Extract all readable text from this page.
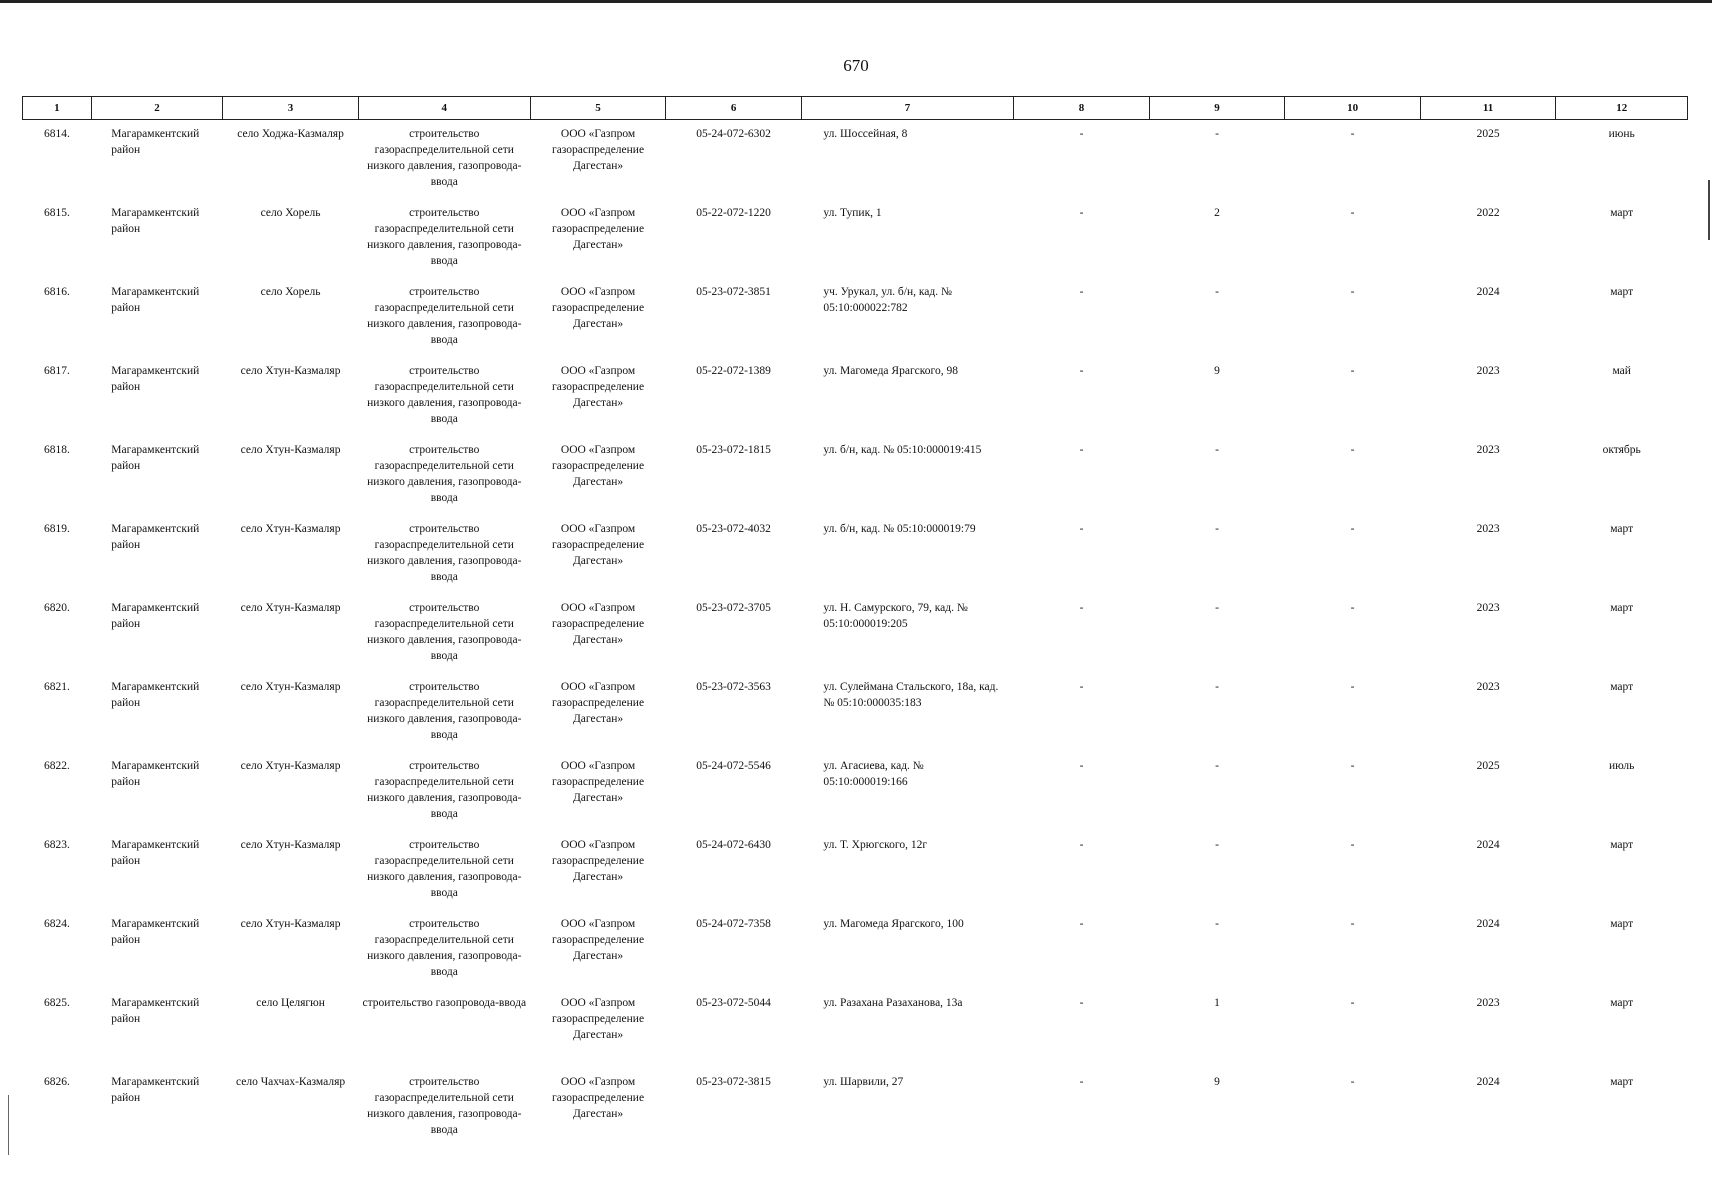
670
1	2	3	4	5	6	7	8	9	10	11	12
6814.	Магарамкентский район	село Ходжа-Казмаляр	строительство газораспределительной сети низкого давления, газопровода-ввода	ООО «Газпром газораспределение Дагестан»	05-24-072-6302	ул. Шоссейная, 8	-	-	-	2025	июнь
6815.	Магарамкентский район	село Хорель	строительство газораспределительной сети низкого давления, газопровода-ввода	ООО «Газпром газораспределение Дагестан»	05-22-072-1220	ул. Тупик, 1	-	2	-	2022	март
6816.	Магарамкентский район	село Хорель	строительство газораспределительной сети низкого давления, газопровода-ввода	ООО «Газпром газораспределение Дагестан»	05-23-072-3851	уч. Урукал, ул. б/н, кад. № 05:10:000022:782	-	-	-	2024	март
6817.	Магарамкентский район	село Хтун-Казмаляр	строительство газораспределительной сети низкого давления, газопровода-ввода	ООО «Газпром газораспределение Дагестан»	05-22-072-1389	ул. Магомеда Ярагского, 98	-	9	-	2023	май
6818.	Магарамкентский район	село Хтун-Казмаляр	строительство газораспределительной сети низкого давления, газопровода-ввода	ООО «Газпром газораспределение Дагестан»	05-23-072-1815	ул. б/н, кад. № 05:10:000019:415	-	-	-	2023	октябрь
6819.	Магарамкентский район	село Хтун-Казмаляр	строительство газораспределительной сети низкого давления, газопровода-ввода	ООО «Газпром газораспределение Дагестан»	05-23-072-4032	ул. б/н, кад. № 05:10:000019:79	-	-	-	2023	март
6820.	Магарамкентский район	село Хтун-Казмаляр	строительство газораспределительной сети низкого давления, газопровода-ввода	ООО «Газпром газораспределение Дагестан»	05-23-072-3705	ул. Н. Самурского, 79, кад. № 05:10:000019:205	-	-	-	2023	март
6821.	Магарамкентский район	село Хтун-Казмаляр	строительство газораспределительной сети низкого давления, газопровода-ввода	ООО «Газпром газораспределение Дагестан»	05-23-072-3563	ул. Сулеймана Стальского, 18а, кад. № 05:10:000035:183	-	-	-	2023	март
6822.	Магарамкентский район	село Хтун-Казмаляр	строительство газораспределительной сети низкого давления, газопровода-ввода	ООО «Газпром газораспределение Дагестан»	05-24-072-5546	ул. Агасиева, кад. № 05:10:000019:166	-	-	-	2025	июль
6823.	Магарамкентский район	село Хтун-Казмаляр	строительство газораспределительной сети низкого давления, газопровода-ввода	ООО «Газпром газораспределение Дагестан»	05-24-072-6430	ул. Т. Хрюгского, 12г	-	-	-	2024	март
6824.	Магарамкентский район	село Хтун-Казмаляр	строительство газораспределительной сети низкого давления, газопровода-ввода	ООО «Газпром газораспределение Дагестан»	05-24-072-7358	ул. Магомеда Ярагского, 100	-	-	-	2024	март
6825.	Магарамкентский район	село Целягюн	строительство газопровода-ввода	ООО «Газпром газораспределение Дагестан»	05-23-072-5044	ул. Разахана Разаханова, 13а	-	1	-	2023	март
6826.	Магарамкентский район	село Чахчах-Казмаляр	строительство газораспределительной сети низкого давления, газопровода-ввода	ООО «Газпром газораспределение Дагестан»	05-23-072-3815	ул. Шарвили, 27	-	9	-	2024	март
